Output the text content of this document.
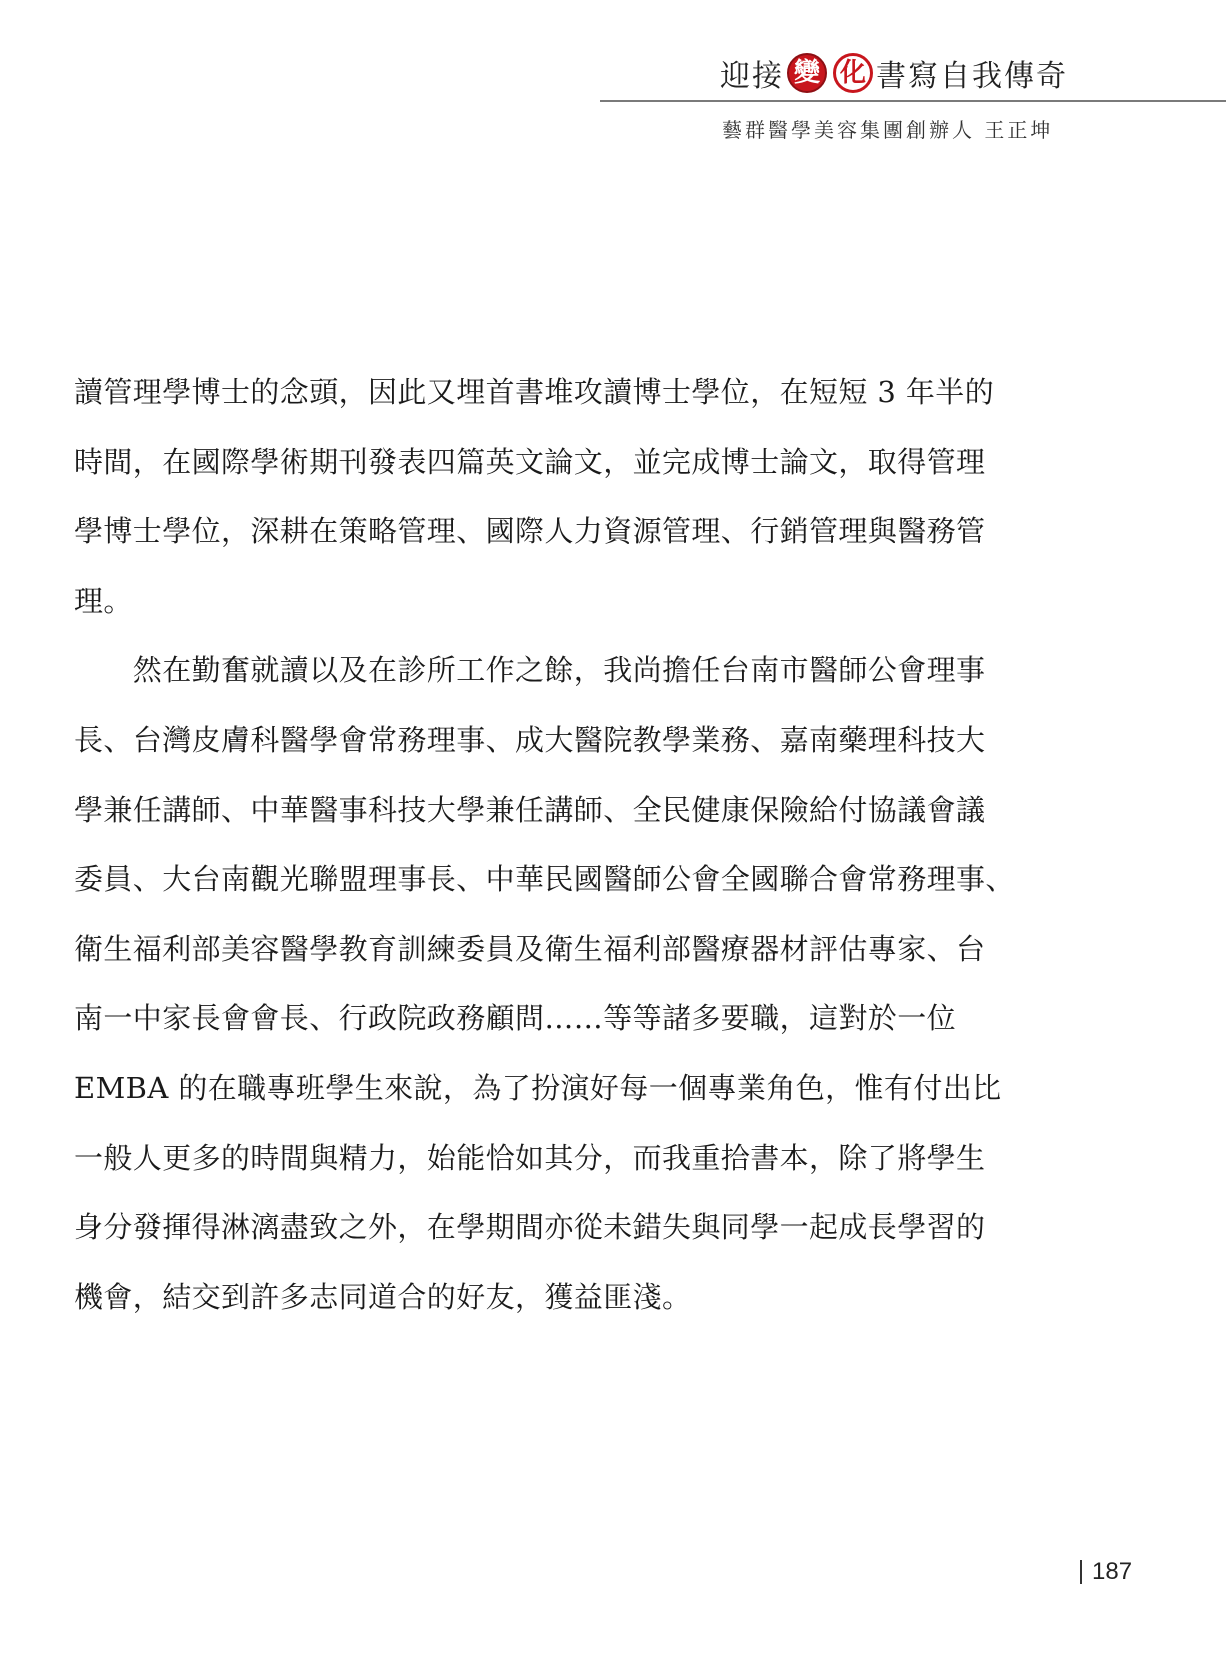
迎接 變 化 書寫自我傳奇
藝群醫學美容集團創辦人 王正坤
讀管理學博士的念頭，因此又埋首書堆攻讀博士學位，在短短 3 年半的
時間，在國際學術期刊發表四篇英文論文，並完成博士論文，取得管理
學博士學位，深耕在策略管理、國際人力資源管理、行銷管理與醫務管
理。
　　然在勤奮就讀以及在診所工作之餘，我尚擔任台南市醫師公會理事
長、台灣皮膚科醫學會常務理事、成大醫院教學業務、嘉南藥理科技大
學兼任講師、中華醫事科技大學兼任講師、全民健康保險給付協議會議
委員、大台南觀光聯盟理事長、中華民國醫師公會全國聯合會常務理事、
衛生福利部美容醫學教育訓練委員及衛生福利部醫療器材評估專家、台
南一中家長會會長、行政院政務顧問……等等諸多要職，這對於一位
EMBA 的在職專班學生來說，為了扮演好每一個專業角色，惟有付出比
一般人更多的時間與精力，始能恰如其分，而我重拾書本，除了將學生
身分發揮得淋漓盡致之外，在學期間亦從未錯失與同學一起成長學習的
機會，結交到許多志同道合的好友，獲益匪淺。
187
